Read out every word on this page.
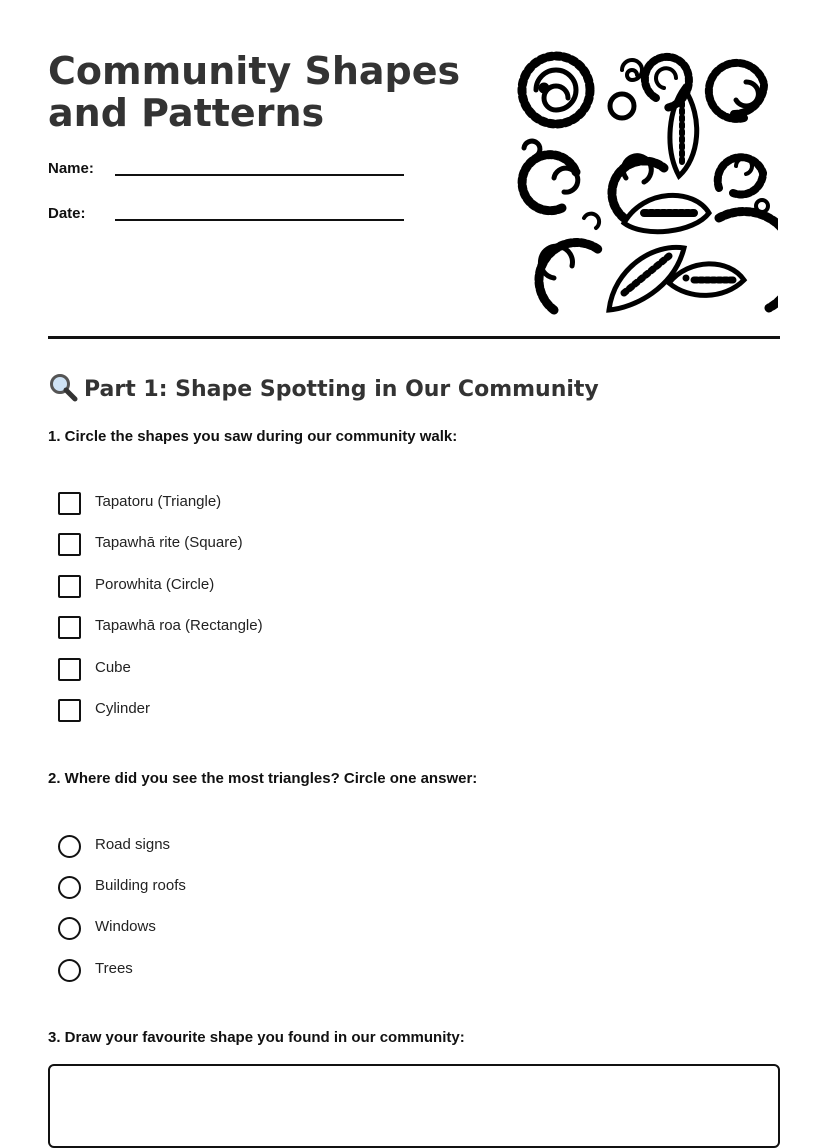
Community Shapes and Patterns
Name:
Date:
Part 1: Shape Spotting in Our Community

1. Circle the shapes you saw during our community walk:

Tapatoru (Triangle)
Tapawhā rite (Square)
Porowhita (Circle)
Tapawhā roa (Rectangle)
Cube
Cylinder

2. Where did you see the most triangles? Circle one answer:

Road signs
Building roofs
Windows
Trees

3. Draw your favourite shape you found in our community:
